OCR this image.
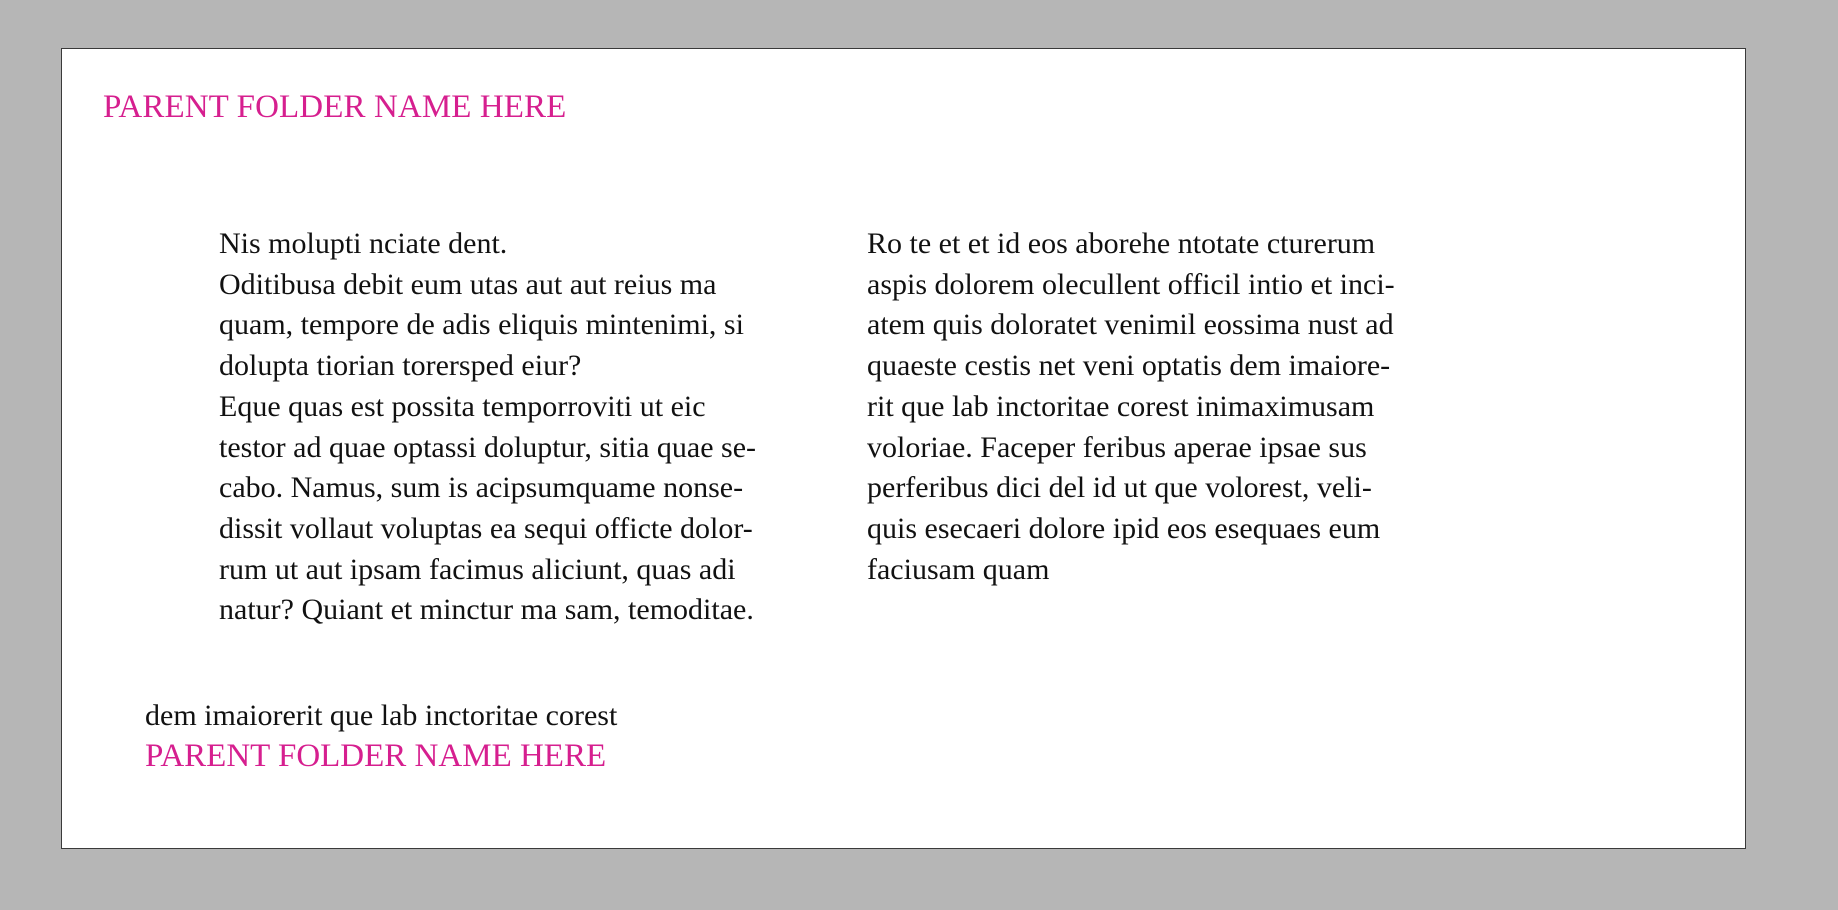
PARENT FOLDER NAME HERE
Nis molupti nciate dent.
Oditibusa debit eum utas aut aut reius ma
quam, tempore de adis eliquis mintenimi, si
dolupta tiorian torersped eiur?
Eque quas est possita temporroviti ut eic
testor ad quae optassi doluptur, sitia quae se-
cabo. Namus, sum is acipsumquame nonse-
dissit vollaut voluptas ea sequi officte dolor-
rum ut aut ipsam facimus aliciunt, quas adi
natur? Quiant et minctur ma sam, temoditae.
Ro te et et id eos aborehe ntotate cturerum
aspis dolorem olecullent officil intio et inci-
atem quis doloratet venimil eossima nust ad
quaeste cestis net veni optatis dem imaiore-
rit que lab inctoritae corest inimaximusam
voloriae. Faceper feribus aperae ipsae sus
perferibus dici del id ut que volorest, veli-
quis esecaeri dolore ipid eos esequaes eum
faciusam quam
dem imaiorerit que lab inctoritae corest
PARENT FOLDER NAME HERE
